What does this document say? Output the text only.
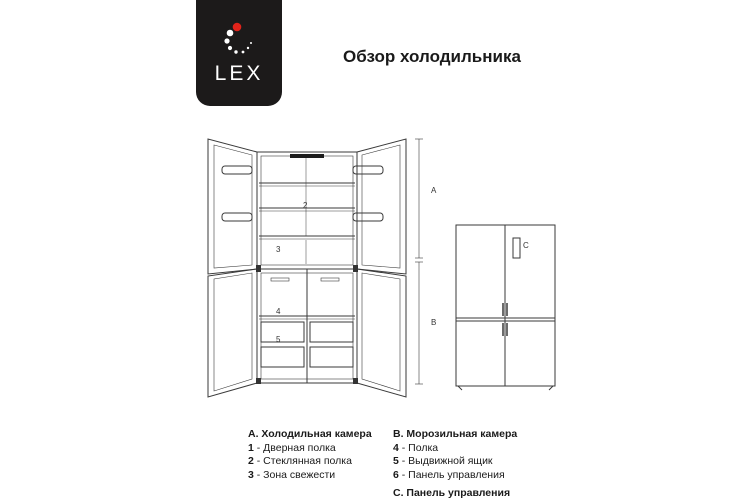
LEX
Обзор холодильника
A
B
C
2
3
4
5
A. Холодильная камера
1 - Дверная полка
2 - Стеклянная полка
3 - Зона свежести
B. Морозильная камера
4 - Полка
5 - Выдвижной ящик
6 - Панель управления
C. Панель управления
